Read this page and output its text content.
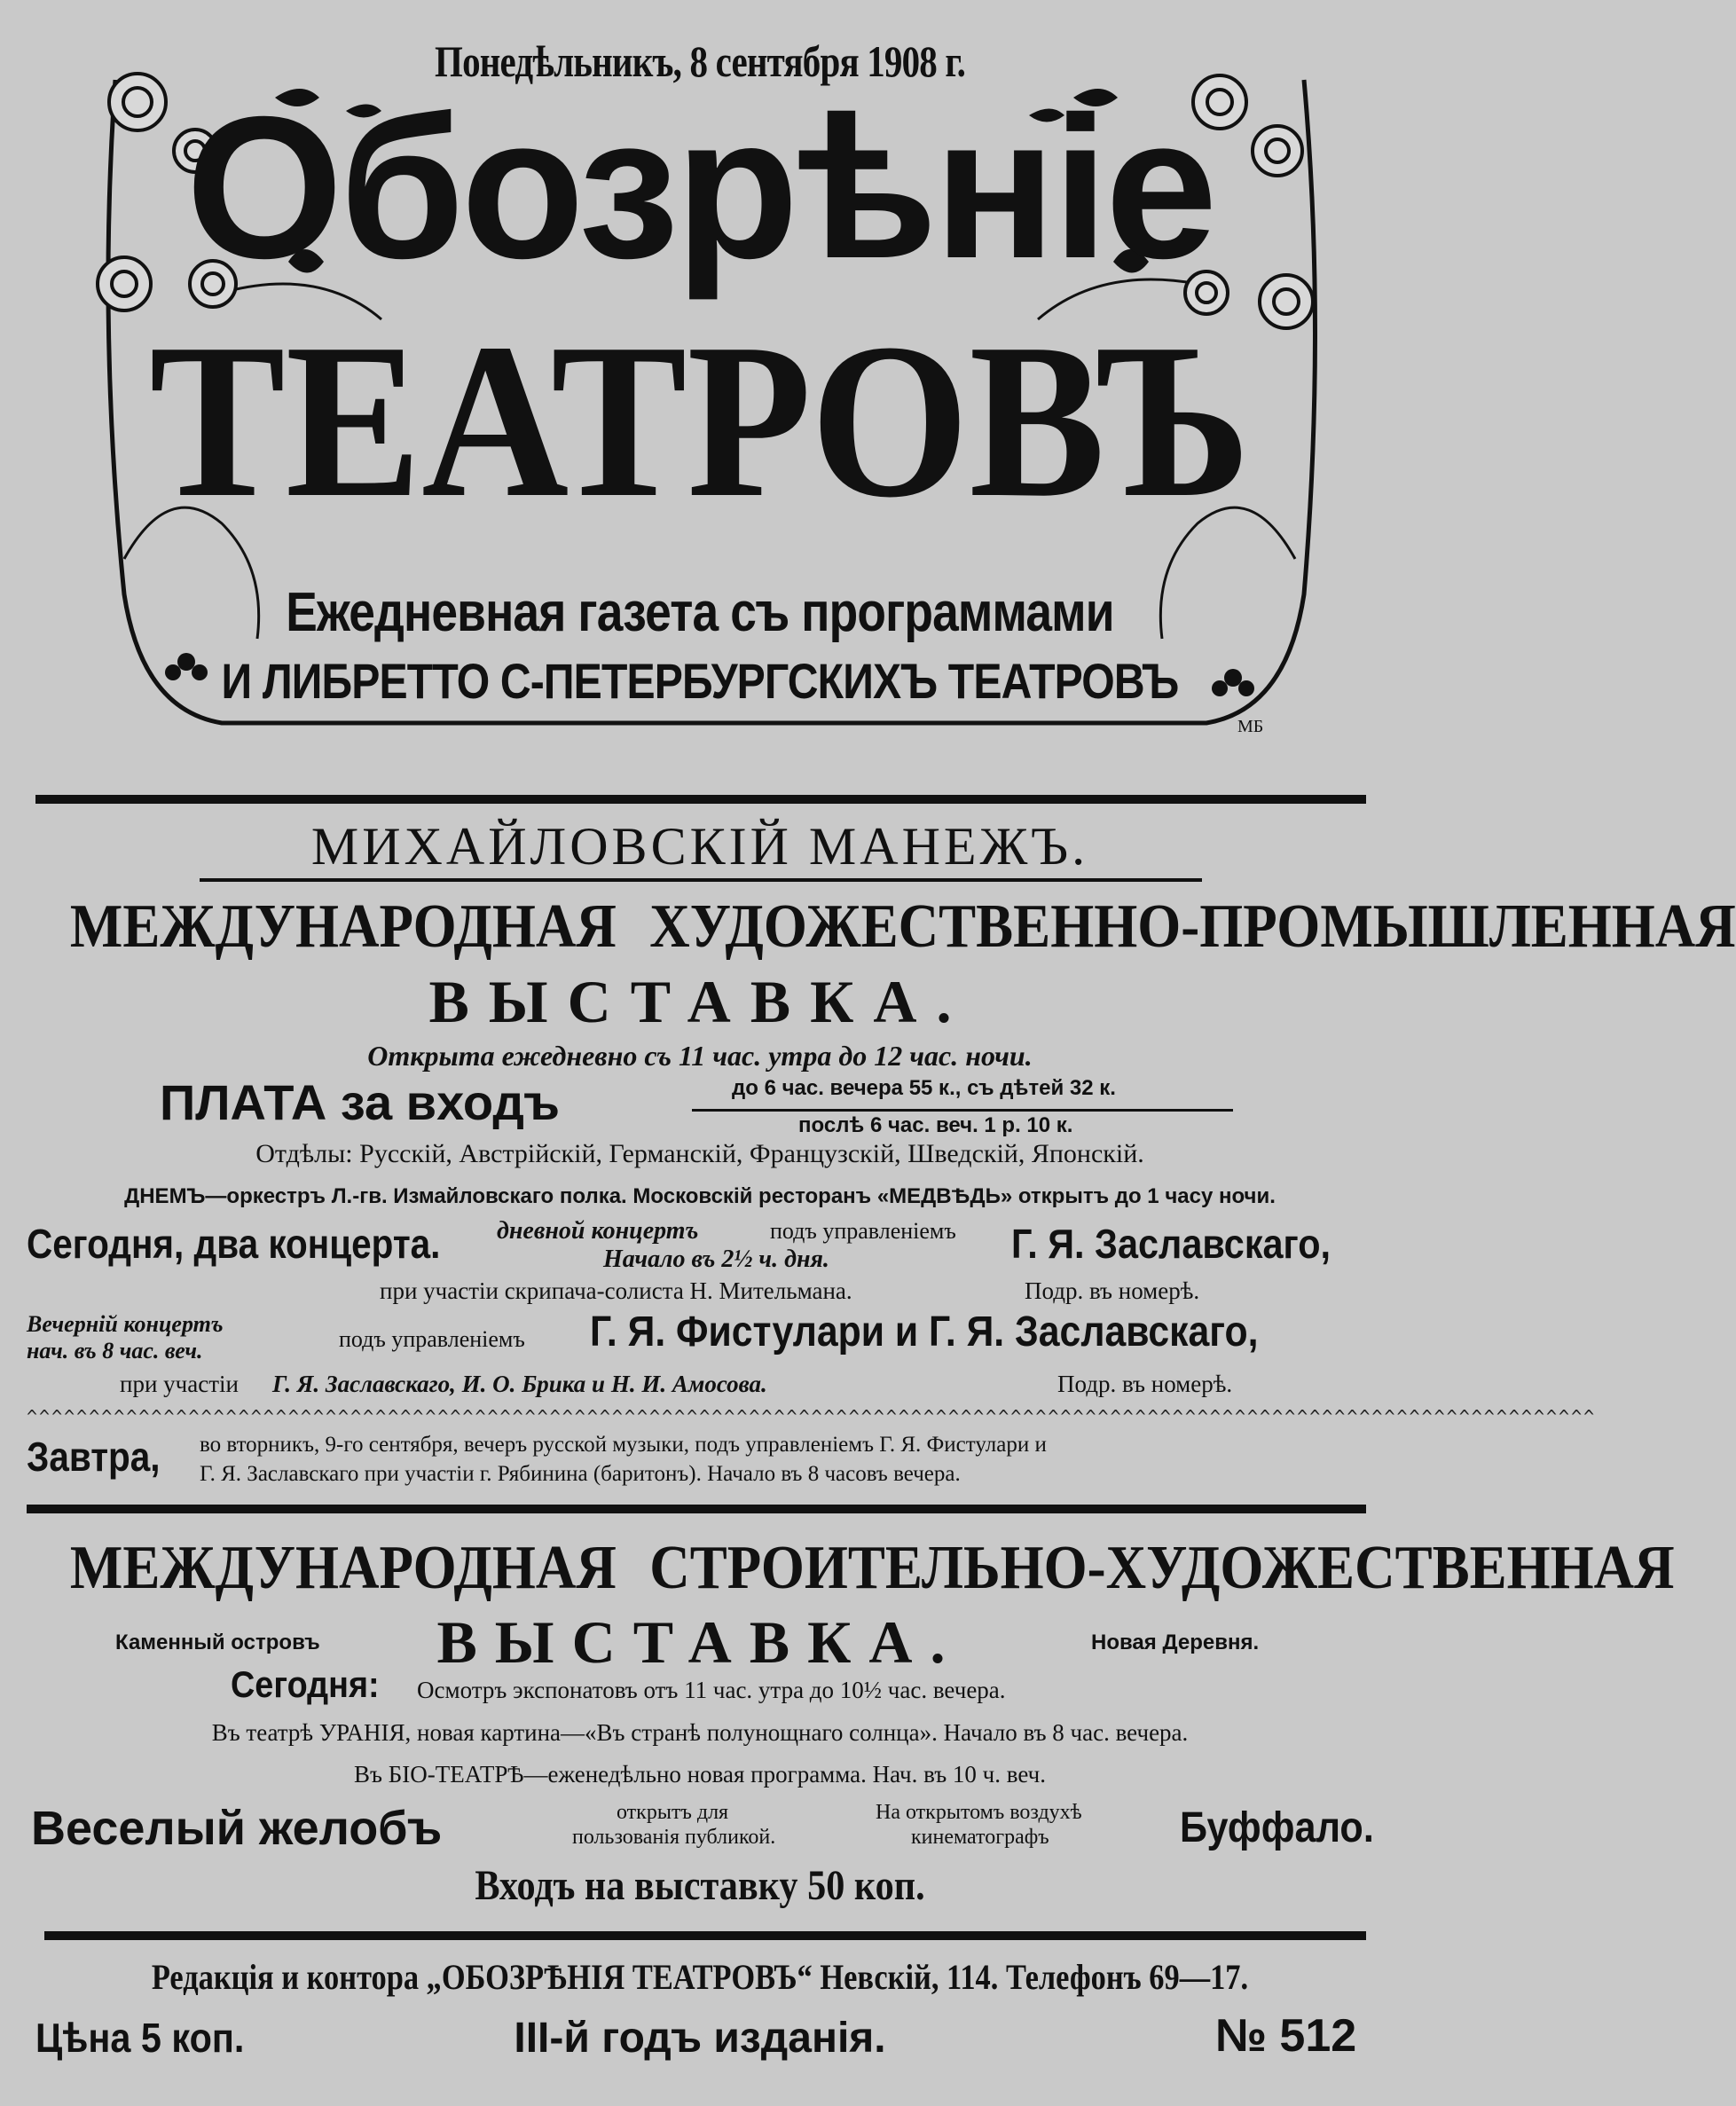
Понедѣльникъ, 8 сентября 1908 г.
Обозрѣніе
ТЕАТРОВЪ
Ежедневная газета съ программами
И ЛИБРЕТТО С-ПЕТЕРБУРГСКИХЪ ТЕАТРОВЪ
МБ
МИХАЙЛОВСКІЙ МАНЕЖЪ.
МЕЖДУНАРОДНАЯ ХУДОЖЕСТВЕННО-ПРОМЫШЛЕННАЯ
ВЫСТАВКА.
Открыта ежедневно съ 11 час. утра до 12 час. ночи.
ПЛАТА за входъ	до 6 час. вечера 55 к., съ дѣтей 32 к.
послѣ 6 час. веч. 1 р. 10 к.
Отдѣлы: Русскій, Австрійскій, Германскій, Французскій, Шведскій, Японскій.
ДНЕМЪ—оркестръ Л.-гв. Измайловскаго полка. Московскій ресторанъ «МЕДВѢДЬ» открытъ до 1 часу ночи.
Сегодня, два концерта. дневной концертъ	подъ управленіемъ
Начало въ 2½ ч. дня.	Г. Я. Заславскаго,
при участіи скрипача-солиста Н. Мительмана.	Подр. въ номерѣ.
Вечерній концертъ
нач. въ 8 час. веч.	подъ управленіемъ Г. Я. Фистулари и Г. Я. Заславскаго,
при участіи Г. Я. Заславскаго, И. О. Брика и Н. И. Амосова.	Подр. въ номерѣ.
^^^^^^^^^^^^^^^^^^^^^^^^^^^^^^^^^^^^^^^^^^^^^^^^^^^^^^^^^^^^^^^^^^^^^^^^^^^^^^^^^^^^^^^^^^^^^^^^^^^^^^^^^^^^^^^^^^^^^^^^^^^^^^
Завтра, во вторникъ, 9-го сентября, вечеръ русской музыки, подъ управленіемъ Г. Я. Фистулари и
Г. Я. Заславскаго при участіи г. Рябинина (баритонъ). Начало въ 8 часовъ вечера.
МЕЖДУНАРОДНАЯ СТРОИТЕЛЬНО-ХУДОЖЕСТВЕННАЯ
Каменный островъ	ВЫСТАВКА.	Новая Деревня.
Сегодня: Осмотръ экспонатовъ отъ 11 час. утра до 10½ час. вечера.
Въ театрѣ УРАНІЯ, новая картина—«Въ странѣ полунощнаго солнца». Начало въ 8 час. вечера.
Въ БІО-ТЕАТРѢ—еженедѣльно новая программа. Нач. въ 10 ч. веч.
Веселый желобъ	открытъ для
пользованія публикой.
На открытомъ воздухѣ
кинематографъ	Буффало.
Входъ на выставку 50 коп.
Редакція и контора „ОБОЗРѢНІЯ ТЕАТРОВЪ“ Невскій, 114. Телефонъ 69—17.
Цѣна 5 коп.	III-й годъ изданія.	№ 512
